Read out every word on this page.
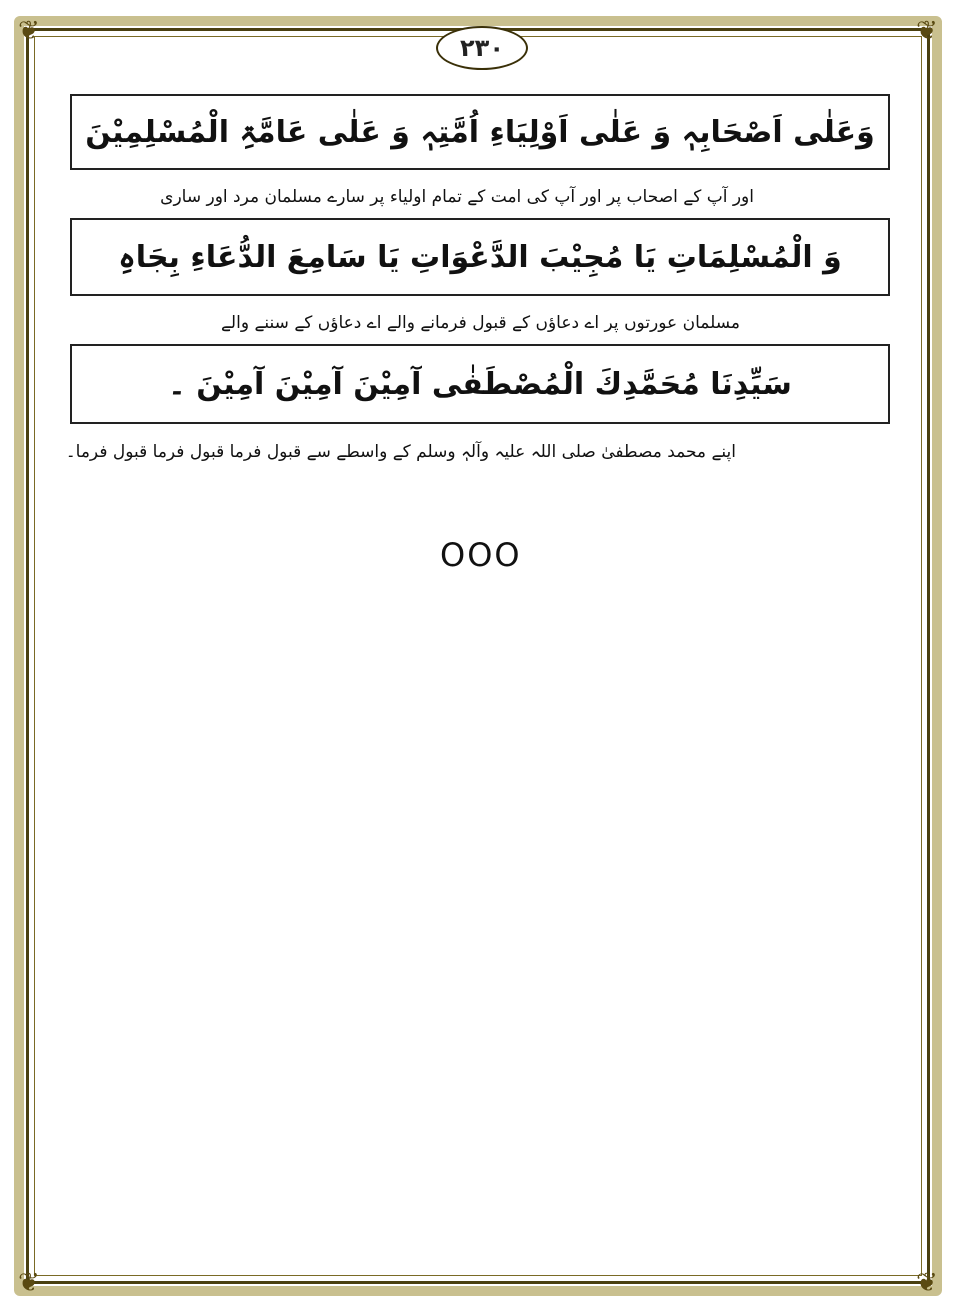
❦	❦
❦	❦
۲۳۰
وَعَلٰی اَصْحَابِہٖ وَ عَلٰی اَوْلِیَاءِ اُمَّتِہٖ وَ عَلٰی عَامَّۃِ الْمُسْلِمِیْنَ
اور آپ کے اصحاب پر اور آپ کی امت کے تمام اولیاء پر سارے مسلمان مرد اور ساری
وَ الْمُسْلِمَاتِ یَا مُجِیْبَ الدَّعْوَاتِ یَا سَامِعَ الدُّعَاءِ بِجَاہِ
مسلمان عورتوں پر اے دعاؤں کے قبول فرمانے والے اے دعاؤں کے سننے والے
سَیِّدِنَا مُحَمَّدِكَ الْمُصْطَفٰی آمِیْنَ آمِیْنَ آمِیْنَ ۔
اپنے محمد مصطفیٰ صلی اللہ علیہ وآلہٖ وسلم کے واسطے سے قبول فرما قبول فرما قبول فرما۔
OOO
